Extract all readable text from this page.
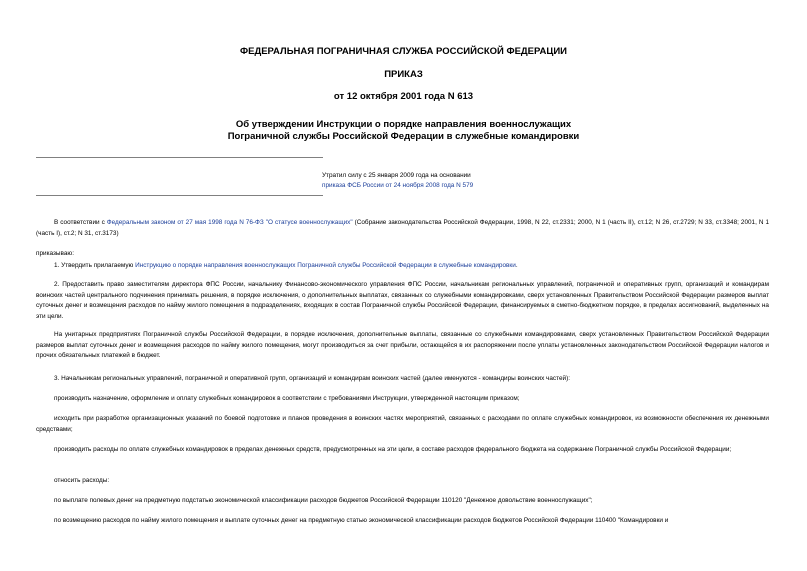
ФЕДЕРАЛЬНАЯ ПОГРАНИЧНАЯ СЛУЖБА РОССИЙСКОЙ ФЕДЕРАЦИИ
ПРИКАЗ
от 12 октября 2001 года N 613
Об утверждении Инструкции о порядке направления военнослужащих
Пограничной службы Российской Федерации в служебные командировки
Утратил силу с 25 января 2009 года на основании
приказа ФСБ России от 24 ноября 2008 года N 579
В соответствии с Федеральным законом от 27 мая 1998 года N 76-ФЗ "О статусе военнослужащих" (Собрание законодательства Российской Федерации, 1998, N 22, ст.2331; 2000, N 1 (часть II), ст.12; N 26, ст.2729; N 33, ст.3348; 2001, N 1 (часть I), ст.2; N 31, ст.3173)
приказываю:
1. Утвердить прилагаемую Инструкцию о порядке направления военнослужащих Пограничной службы Российской Федерации в служебные командировки.
2. Предоставить право заместителям директора ФПС России, начальнику Финансово-экономического управления ФПС России, начальникам региональных управлений, пограничной и оперативных групп, организаций и командирам воинских частей центрального подчинения принимать решения, в порядке исключения, о дополнительных выплатах, связанных со служебными командировками, сверх установленных Правительством Российской Федерации размеров выплат суточных денег и возмещения расходов по найму жилого помещения в подразделениях, входящих в состав Пограничной службы Российской Федерации, финансируемых в сметно-бюджетном порядке, в пределах ассигнований, выделенных на эти цели.
На унитарных предприятиях Пограничной службы Российской Федерации, в порядке исключения, дополнительные выплаты, связанные со служебными командировками, сверх установленных Правительством Российской Федерации размеров выплат суточных денег и возмещения расходов по найму жилого помещения, могут производиться за счет прибыли, остающейся в их распоряжении после уплаты установленных законодательством Российской Федерации налогов и прочих обязательных платежей в бюджет.
3. Начальникам региональных управлений, пограничной и оперативной групп, организаций и командирам воинских частей (далее именуются - командиры воинских частей):
производить назначение, оформление и оплату служебных командировок в соответствии с требованиями Инструкции, утвержденной настоящим приказом;
исходить при разработке организационных указаний по боевой подготовке и планов проведения в воинских частях мероприятий, связанных с расходами по оплате служебных командировок, из возможности обеспечения их денежными средствами;
производить расходы по оплате служебных командировок в пределах денежных средств, предусмотренных на эти цели, в составе расходов федерального бюджета на содержание Пограничной службы Российской Федерации;
относить расходы:
по выплате полевых денег на предметную подстатью экономической классификации расходов бюджетов Российской Федерации 110120 "Денежное довольствие военнослужащих";
по возмещению расходов по найму жилого помещения и выплате суточных денег на предметную статью экономической классификации расходов бюджетов Российской Федерации 110400 "Командировки и
